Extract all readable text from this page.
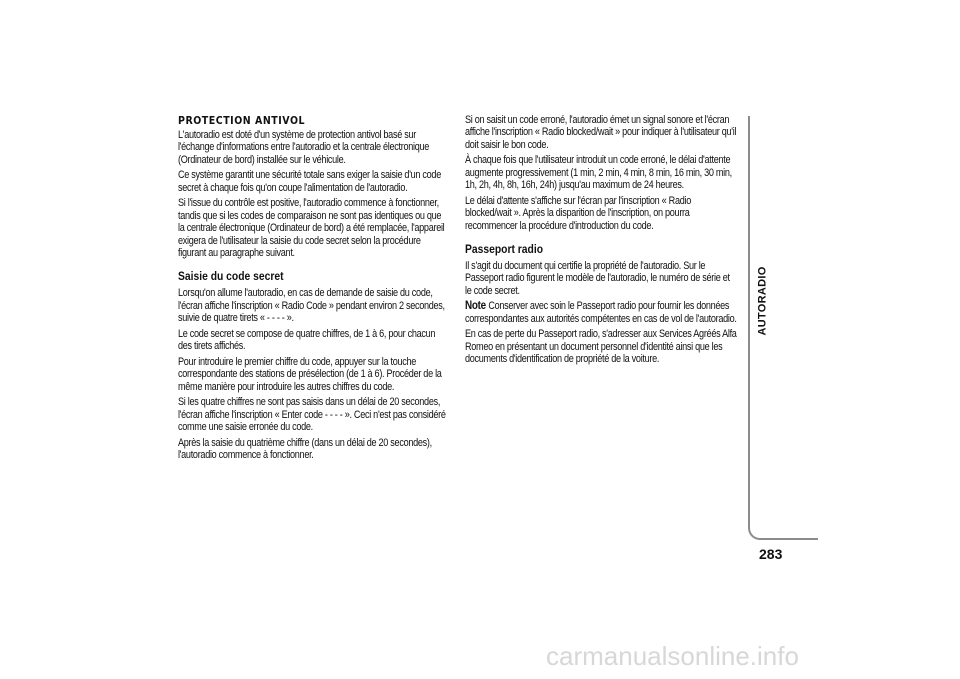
PROTECTION ANTIVOL

L'autoradio est doté d'un système de protection antivol basé sur l'échange d'informations entre l'autoradio et la centrale électronique (Ordinateur de bord) installée sur le véhicule.

Ce système garantit une sécurité totale sans exiger la saisie d'un code secret à chaque fois qu'on coupe l'alimentation de l'autoradio.

Si l'issue du contrôle est positive, l'autoradio commence à fonctionner, tandis que si les codes de comparaison ne sont pas identiques ou que la centrale électronique (Ordinateur de bord) a été remplacée, l'appareil exigera de l'utilisateur la saisie du code secret selon la procédure figurant au paragraphe suivant.

Saisie du code secret

Lorsqu'on allume l'autoradio, en cas de demande de saisie du code, l'écran affiche l'inscription « Radio Code » pendant environ 2 secondes, suivie de quatre tirets « - - - - ».

Le code secret se compose de quatre chiffres, de 1 à 6, pour chacun des tirets affichés.

Pour introduire le premier chiffre du code, appuyer sur la touche correspondante des stations de présélection (de 1 à 6). Procéder de la même manière pour introduire les autres chiffres du code.

Si les quatre chiffres ne sont pas saisis dans un délai de 20 secondes, l'écran affiche l'inscription « Enter code - - - - ». Ceci n'est pas considéré comme une saisie erronée du code.

Après la saisie du quatrième chiffre (dans un délai de 20 secondes), l'autoradio commence à fonctionner.

Si on saisit un code erroné, l'autoradio émet un signal sonore et l'écran affiche l'inscription « Radio blocked/wait » pour indiquer à l'utilisateur qu'il doit saisir le bon code.

À chaque fois que l'utilisateur introduit un code erroné, le délai d'attente augmente progressivement (1 min, 2 min, 4 min, 8 min, 16 min, 30 min, 1h, 2h, 4h, 8h, 16h, 24h) jusqu'au maximum de 24 heures.

Le délai d'attente s'affiche sur l'écran par l'inscription « Radio blocked/wait ». Après la disparition de l'inscription, on pourra recommencer la procédure d'introduction du code.

Passeport radio

Il s'agit du document qui certifie la propriété de l'autoradio. Sur le Passeport radio figurent le modèle de l'autoradio, le numéro de série et le code secret.

Note Conserver avec soin le Passeport radio pour fournir les données correspondantes aux autorités compétentes en cas de vol de l'autoradio.

En cas de perte du Passeport radio, s'adresser aux Services Agréés Alfa Romeo en présentant un document personnel d'identité ainsi que les documents d'identification de propriété de la voiture.

AUTORADIO
283
carmanualsonline.info
